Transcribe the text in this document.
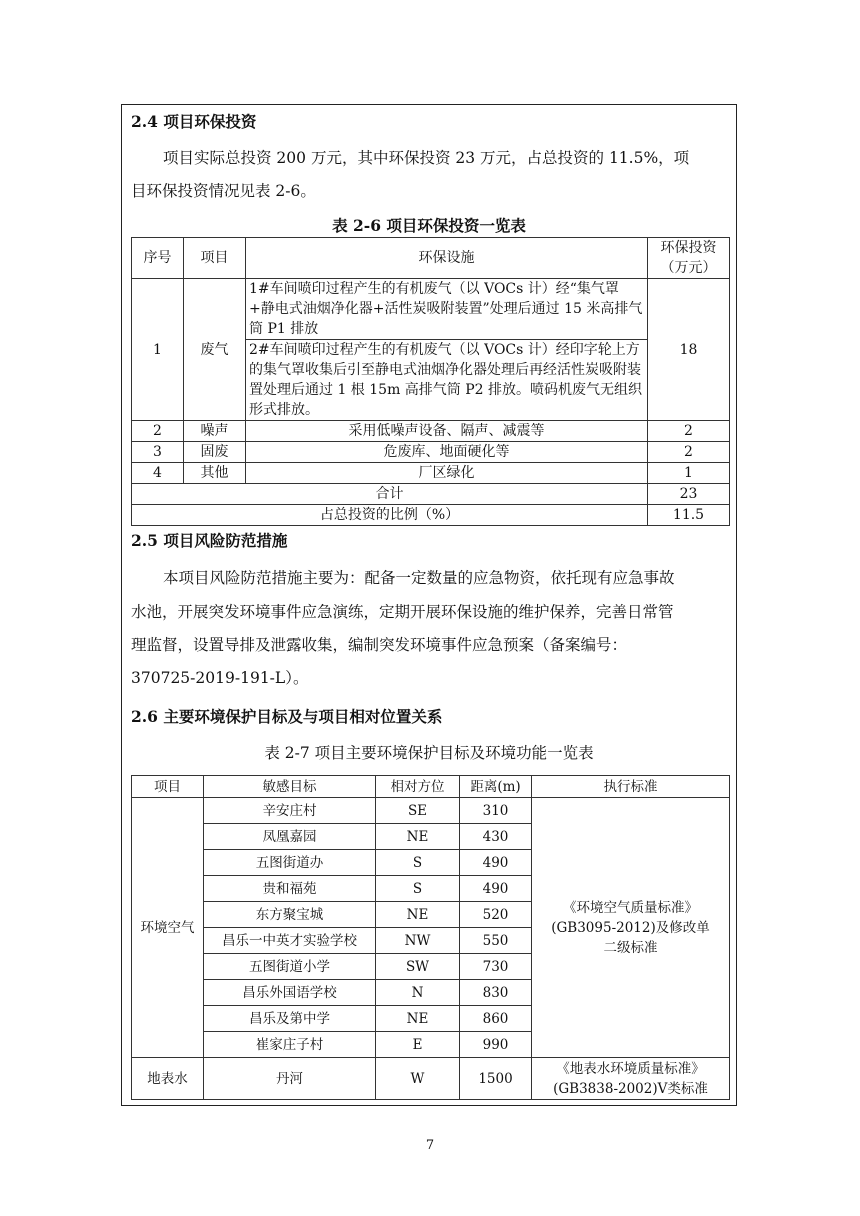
2.4 项目环保投资
项目实际总投资 200 万元，其中环保投资 23 万元，占总投资的 11.5%，项
目环保投资情况见表 2-6。
表 2-6 项目环保投资一览表
序号	项目	环保设施	环保投资（万元）
1	废气	1#车间喷印过程产生的有机废气（以 VOCs 计）经“集气罩+静电式油烟净化器+活性炭吸附装置”处理后通过 15 米高排气筒 P1 排放	18
		2#车间喷印过程产生的有机废气（以 VOCs 计）经印字轮上方的集气罩收集后引至静电式油烟净化器处理后再经活性炭吸附装置处理后通过 1 根 15m 高排气筒 P2 排放。喷码机废气无组织形式排放。	
2	噪声	采用低噪声设备、隔声、减震等	2
3	固废	危废库、地面硬化等	2
4	其他	厂区绿化	1
合计			23
占总投资的比例（%）			11.5
2.5 项目风险防范措施
本项目风险防范措施主要为：配备一定数量的应急物资，依托现有应急事故
水池，开展突发环境事件应急演练，定期开展环保设施的维护保养，完善日常管
理监督，设置导排及泄露收集，编制突发环境事件应急预案（备案编号：
370725-2019-191-L）。
2.6 主要环境保护目标及与项目相对位置关系
表 2-7 项目主要环境保护目标及环境功能一览表
项目	敏感目标	相对方位	距离(m)	执行标准
环境空气	辛安庄村	SE	310	《环境空气质量标准》(GB3095-2012)及修改单二级标准
	凤凰嘉园	NE	430	
	五图街道办	S	490	
	贵和福苑	S	490	
	东方聚宝城	NE	520	
	昌乐一中英才实验学校	NW	550	
	五图街道小学	SW	730	
	昌乐外国语学校	N	830	
	昌乐及第中学	NE	860	
	崔家庄子村	E	990	
地表水	丹河	W	1500	《地表水环境质量标准》(GB3838-2002)V类标准
7
